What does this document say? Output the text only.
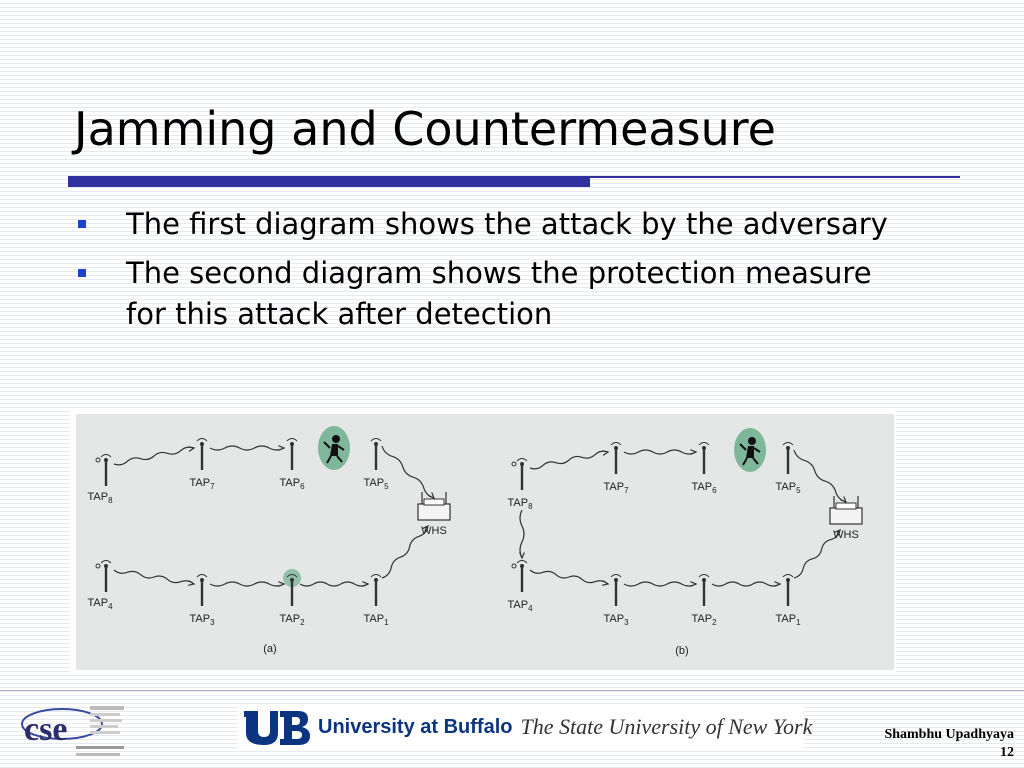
Jamming and Countermeasure
The first diagram shows the attack by the adversary
The second diagram shows the protection measure for this attack after detection
$TAP_8$
$TAP_7$	$TAP_6$	$TAP_5$
$TAP_4$
$TAP_3$	$TAP_2$	$TAP_1$
WHS
(a)
$TAP_8$
$TAP_7$	$TAP_6$	$TAP_5$
$TAP_4$
$TAP_3$	$TAP_2$	$TAP_1$
WHS
(b)
cse	University at Buffalo The State University of New York	Shambhu Upadhyaya
12
